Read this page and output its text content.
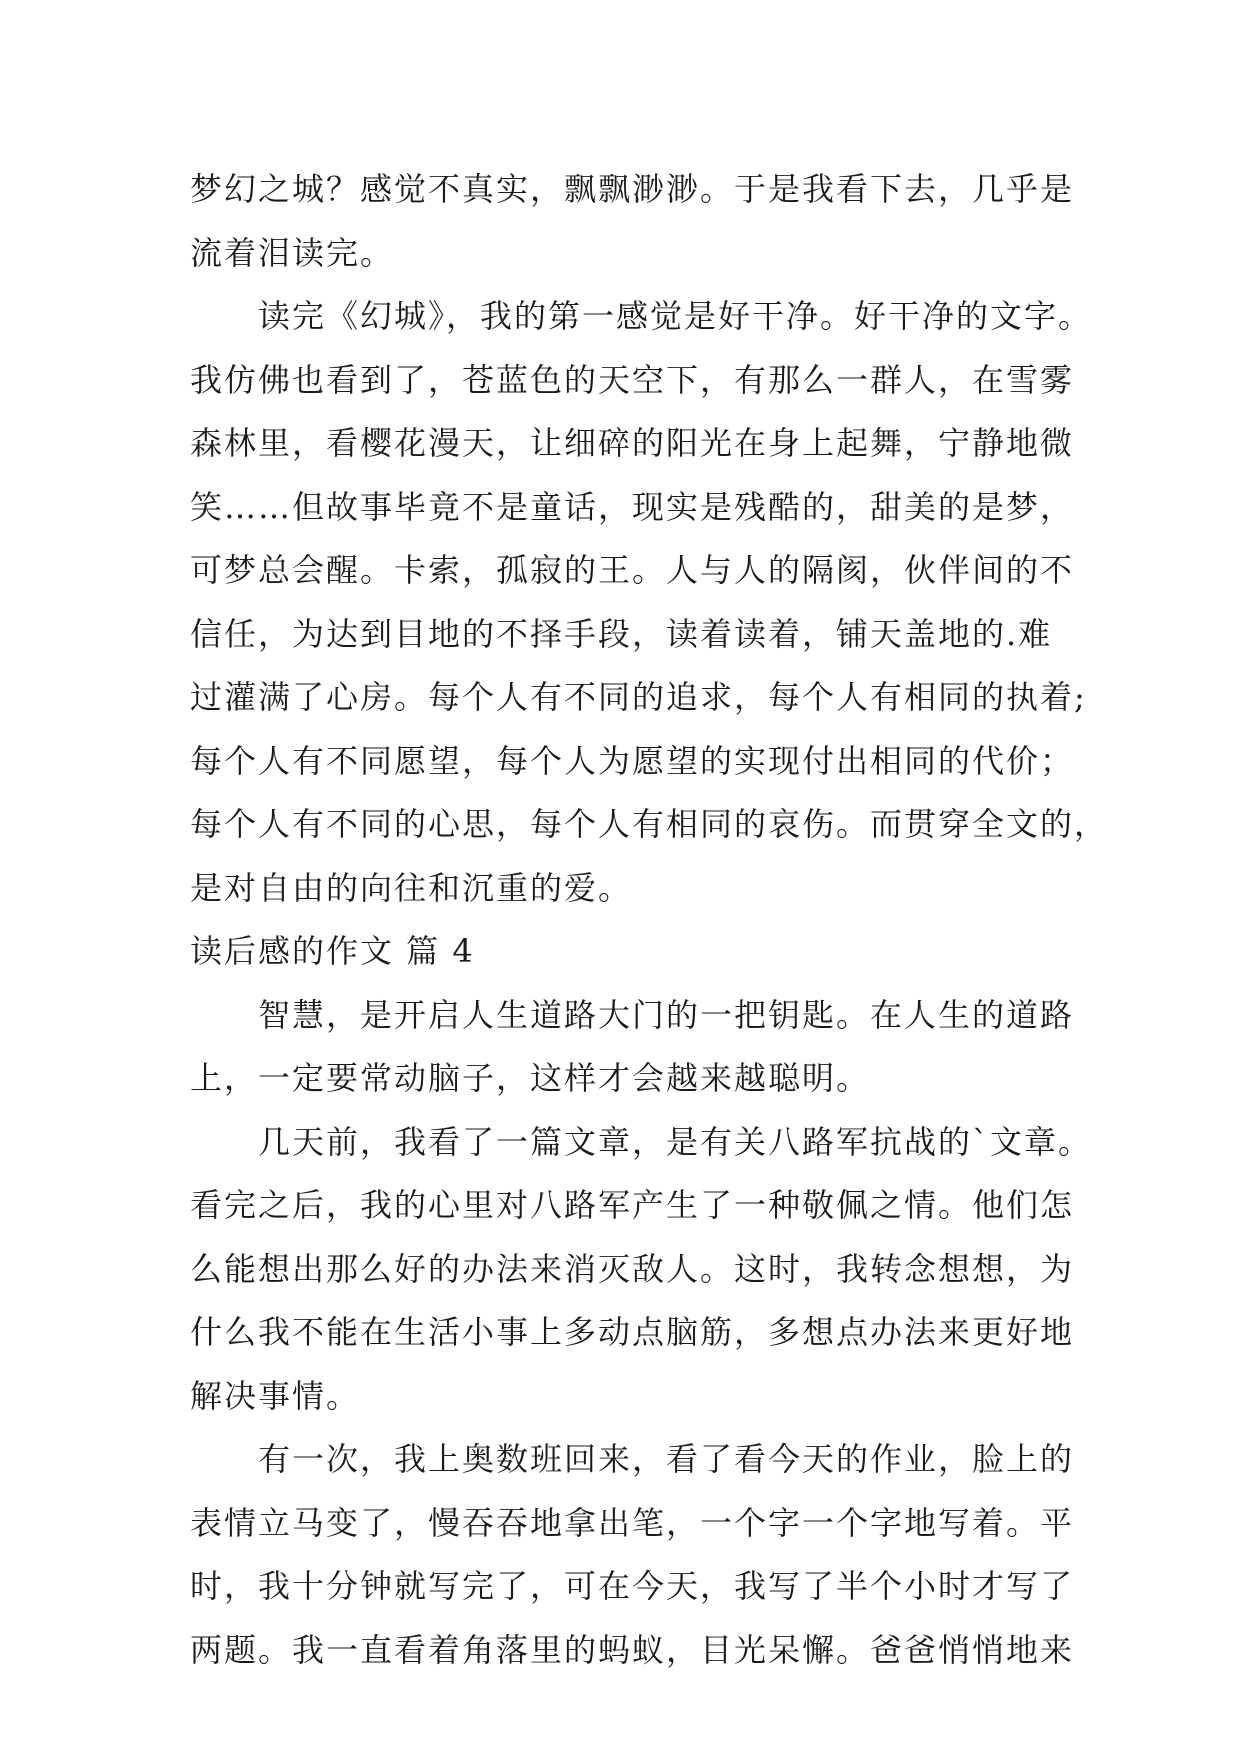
梦幻之城？感觉不真实，飘飘渺渺。于是我看下去，几乎是
流着泪读完。
读完《幻城》，我的第一感觉是好干净。好干净的文字。
我仿佛也看到了，苍蓝色的天空下，有那么一群人，在雪雾
森林里，看樱花漫天，让细碎的阳光在身上起舞，宁静地微
笑……但故事毕竟不是童话，现实是残酷的，甜美的是梦，
可梦总会醒。卡索，孤寂的王。人与人的隔阂，伙伴间的不
信任，为达到目地的不择手段，读着读着，铺天盖地的.难
过灌满了心房。每个人有不同的追求，每个人有相同的执着;
每个人有不同愿望，每个人为愿望的实现付出相同的代价；
每个人有不同的心思，每个人有相同的哀伤。而贯穿全文的，
是对自由的向往和沉重的爱。
读后感的作文 篇 4
智慧，是开启人生道路大门的一把钥匙。在人生的道路
上，一定要常动脑子，这样才会越来越聪明。
几天前，我看了一篇文章，是有关八路军抗战的`文章。
看完之后，我的心里对八路军产生了一种敬佩之情。他们怎
么能想出那么好的办法来消灭敌人。这时，我转念想想，为
什么我不能在生活小事上多动点脑筋，多想点办法来更好地
解决事情。
有一次，我上奥数班回来，看了看今天的作业，脸上的
表情立马变了，慢吞吞地拿出笔，一个字一个字地写着。平
时，我十分钟就写完了，可在今天，我写了半个小时才写了
两题。我一直看着角落里的蚂蚁，目光呆懈。爸爸悄悄地来
